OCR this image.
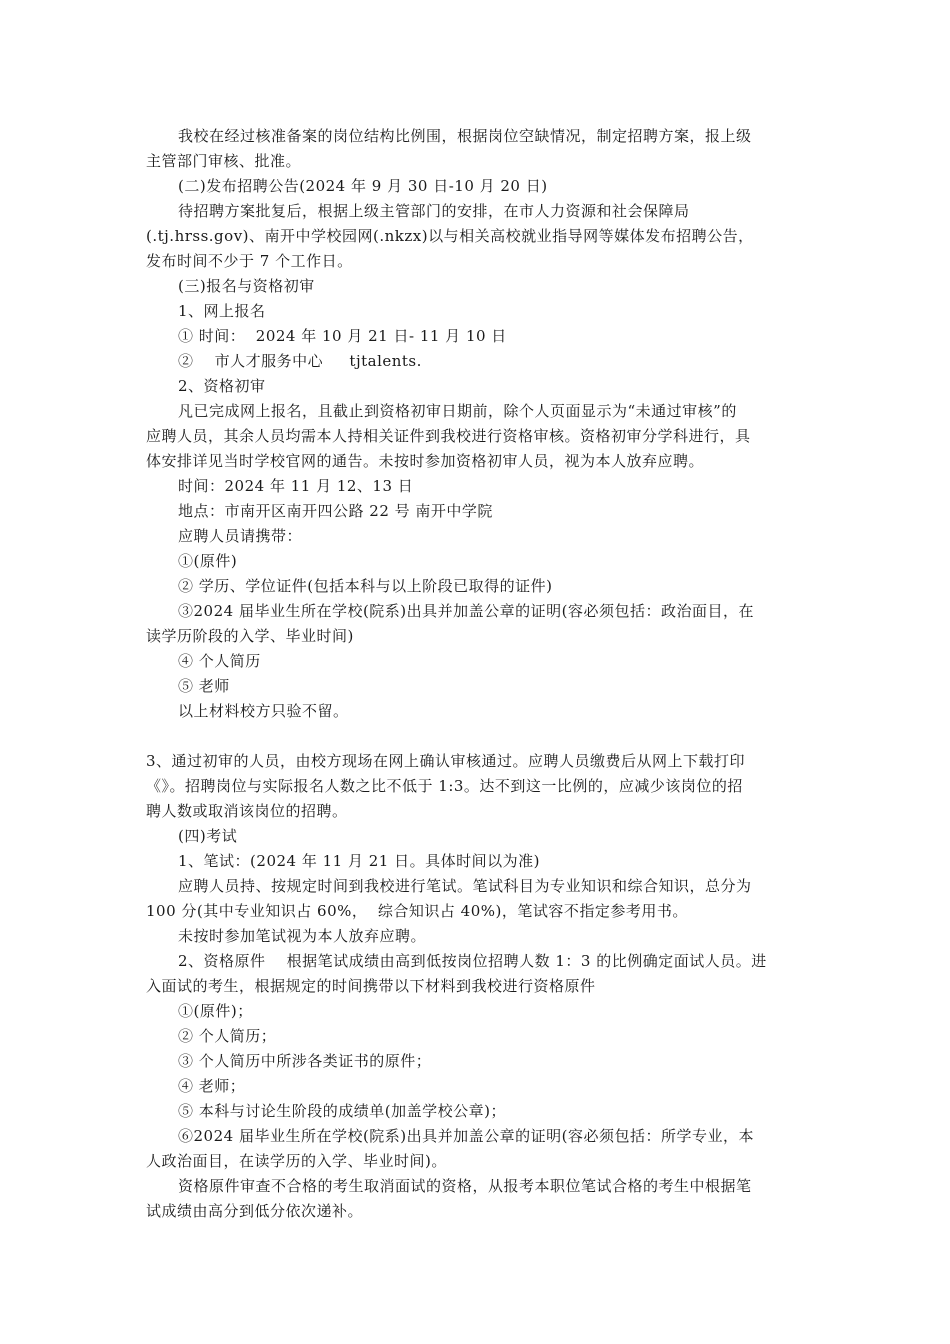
我校在经过核准备案的岗位结构比例围，根据岗位空缺情况，制定招聘方案，报上级
主管部门审核、批准。
(二)发布招聘公告(2024 年 9 月 30 日-10 月 20 日)
待招聘方案批复后，根据上级主管部门的安排，在市人力资源和社会保障局
(.tj.hrss.gov)、南开中学校园网(.nkzx)以与相关高校就业指导网等媒体发布招聘公告，
发布时间不少于 7 个工作日。
(三)报名与资格初审
1、网上报名
① 时间：  2024 年 10 月 21 日- 11 月 10 日
②    市人才服务中心     tjtalents.
2、资格初审
凡已完成网上报名，且截止到资格初审日期前，除个人页面显示为“未通过审核”的
应聘人员，其余人员均需本人持相关证件到我校进行资格审核。资格初审分学科进行，具
体安排详见当时学校官网的通告。未按时参加资格初审人员，视为本人放弃应聘。
时间：2024 年 11 月 12、13 日
地点：市南开区南开四公路 22 号 南开中学院
应聘人员请携带：
①(原件)
② 学历、学位证件(包括本科与以上阶段已取得的证件)
③2024 届毕业生所在学校(院系)出具并加盖公章的证明(容必须包括：政治面目，在
读学历阶段的入学、毕业时间)
④ 个人简历
⑤ 老师
以上材料校方只验不留。
3、通过初审的人员，由校方现场在网上确认审核通过。应聘人员缴费后从网上下载打印
《》。招聘岗位与实际报名人数之比不低于 1:3。达不到这一比例的，应减少该岗位的招
聘人数或取消该岗位的招聘。
(四)考试
1、笔试：(2024 年 11 月 21 日。具体时间以为准)
应聘人员持、按规定时间到我校进行笔试。笔试科目为专业知识和综合知识，总分为
100 分(其中专业知识占 60%，  综合知识占 40%)，笔试容不指定参考用书。
未按时参加笔试视为本人放弃应聘。
2、资格原件    根据笔试成绩由高到低按岗位招聘人数 1：3 的比例确定面试人员。进
入面试的考生，根据规定的时间携带以下材料到我校进行资格原件
①(原件)；
② 个人简历；
③ 个人简历中所涉各类证书的原件；
④ 老师；
⑤ 本科与讨论生阶段的成绩单(加盖学校公章)；
⑥2024 届毕业生所在学校(院系)出具并加盖公章的证明(容必须包括：所学专业，本
人政治面目，在读学历的入学、毕业时间)。
资格原件审查不合格的考生取消面试的资格，从报考本职位笔试合格的考生中根据笔
试成绩由高分到低分依次递补。
